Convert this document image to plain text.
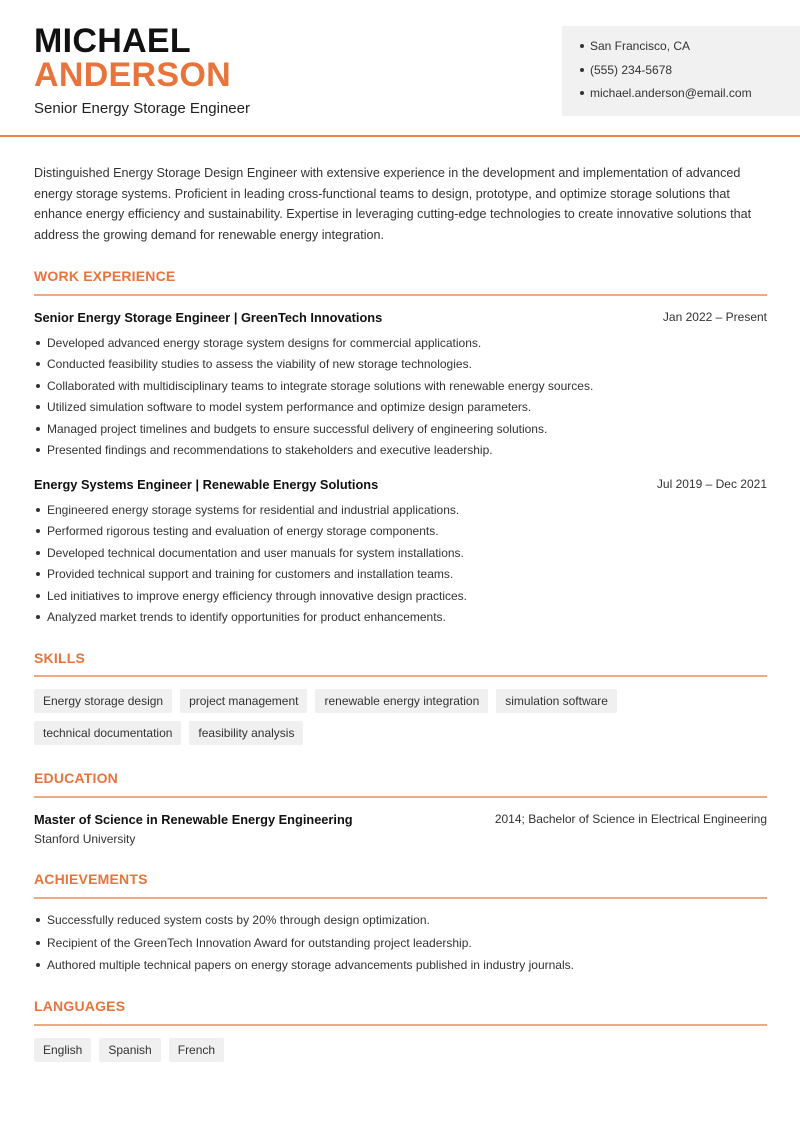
MICHAEL
ANDERSON
Senior Energy Storage Engineer
San Francisco, CA
(555) 234-5678
michael.anderson@email.com
Distinguished Energy Storage Design Engineer with extensive experience in the development and implementation of advanced energy storage systems. Proficient in leading cross-functional teams to design, prototype, and optimize storage solutions that enhance energy efficiency and sustainability. Expertise in leveraging cutting-edge technologies to create innovative solutions that address the growing demand for renewable energy integration.
WORK EXPERIENCE
Senior Energy Storage Engineer | GreenTech Innovations	Jan 2022 – Present
Developed advanced energy storage system designs for commercial applications.
Conducted feasibility studies to assess the viability of new storage technologies.
Collaborated with multidisciplinary teams to integrate storage solutions with renewable energy sources.
Utilized simulation software to model system performance and optimize design parameters.
Managed project timelines and budgets to ensure successful delivery of engineering solutions.
Presented findings and recommendations to stakeholders and executive leadership.
Energy Systems Engineer | Renewable Energy Solutions	Jul 2019 – Dec 2021
Engineered energy storage systems for residential and industrial applications.
Performed rigorous testing and evaluation of energy storage components.
Developed technical documentation and user manuals for system installations.
Provided technical support and training for customers and installation teams.
Led initiatives to improve energy efficiency through innovative design practices.
Analyzed market trends to identify opportunities for product enhancements.
SKILLS
Energy storage design	project management	renewable energy integration	simulation software
technical documentation	feasibility analysis
EDUCATION
Master of Science in Renewable Energy Engineering	2014; Bachelor of Science in Electrical Engineering
Stanford University
ACHIEVEMENTS
Successfully reduced system costs by 20% through design optimization.
Recipient of the GreenTech Innovation Award for outstanding project leadership.
Authored multiple technical papers on energy storage advancements published in industry journals.
LANGUAGES
English	Spanish	French
